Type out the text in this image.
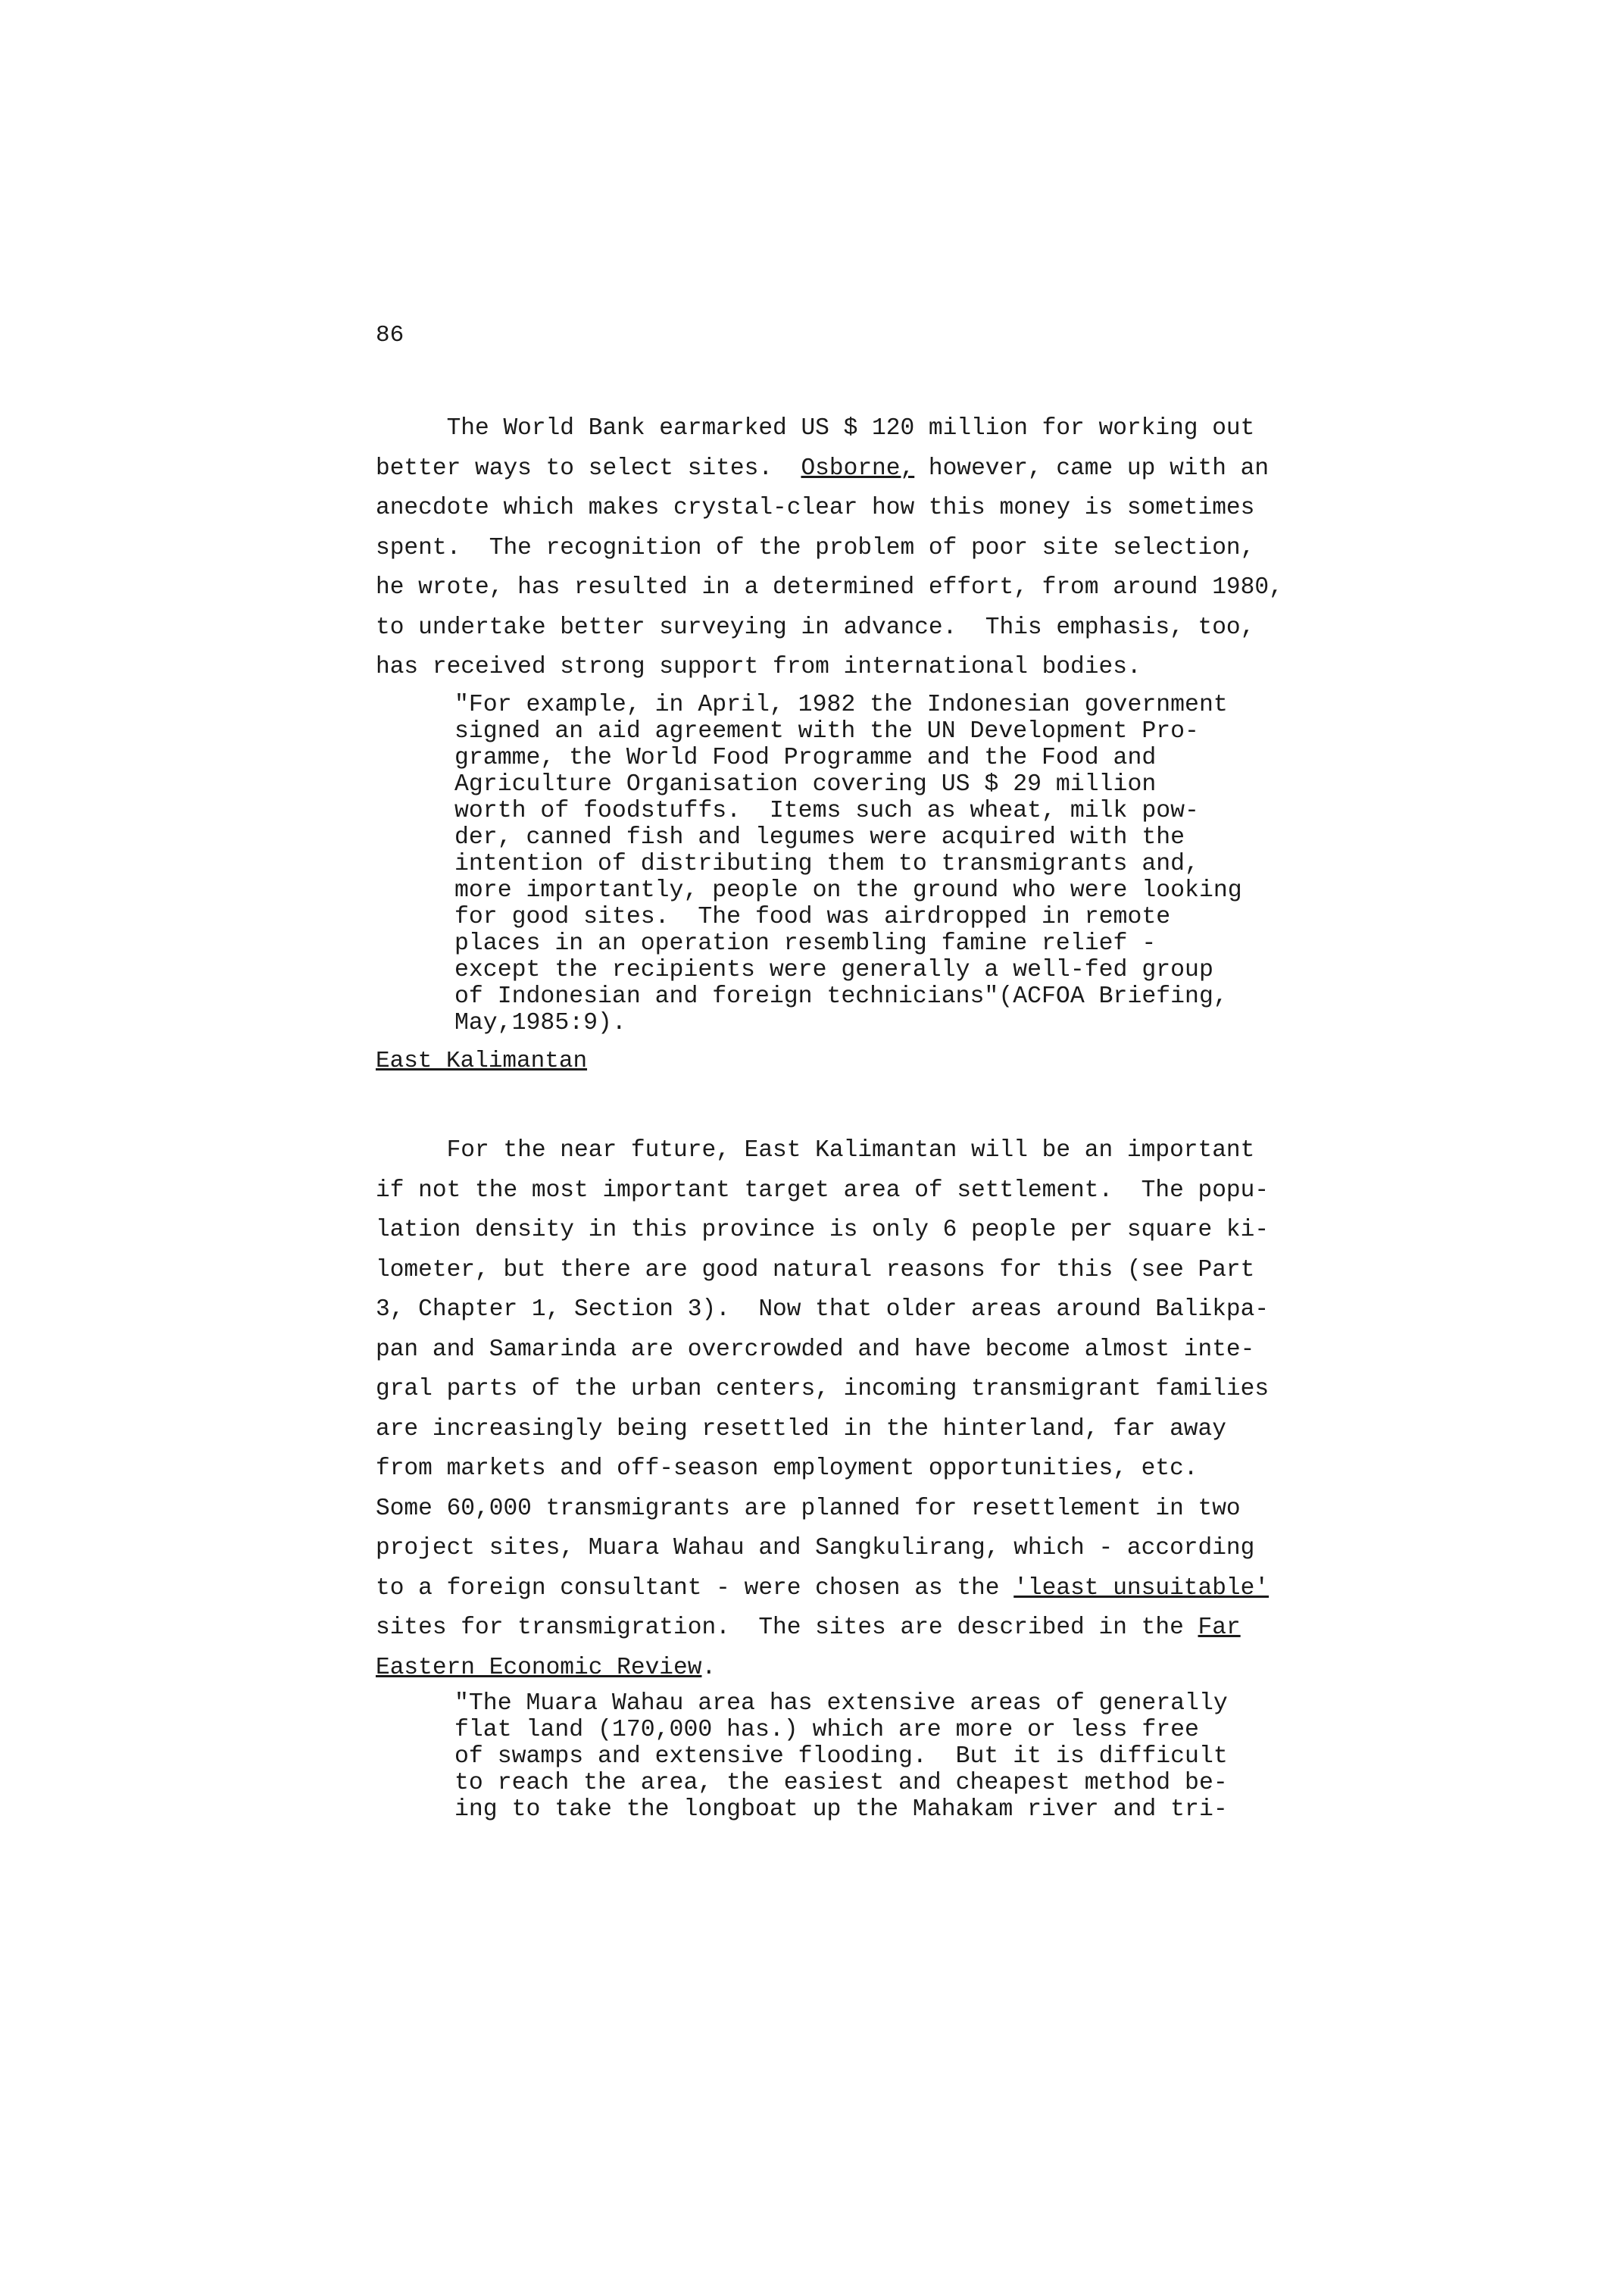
86
The World Bank earmarked US $ 120 million for working out
better ways to select sites.  Osborne, however, came up with an
anecdote which makes crystal-clear how this money is sometimes
spent.  The recognition of the problem of poor site selection,
he wrote, has resulted in a determined effort, from around 1980,
to undertake better surveying in advance.  This emphasis, too,
has received strong support from international bodies.
"For example, in April, 1982 the Indonesian government
signed an aid agreement with the UN Development Pro-
gramme, the World Food Programme and the Food and
Agriculture Organisation covering US $ 29 million
worth of foodstuffs.  Items such as wheat, milk pow-
der, canned fish and legumes were acquired with the
intention of distributing them to transmigrants and,
more importantly, people on the ground who were looking
for good sites.  The food was airdropped in remote
places in an operation resembling famine relief -
except the recipients were generally a well-fed group
of Indonesian and foreign technicians"(ACFOA Briefing,
May,1985:9).
East Kalimantan
For the near future, East Kalimantan will be an important
if not the most important target area of settlement.  The popu-
lation density in this province is only 6 people per square ki-
lometer, but there are good natural reasons for this (see Part
3, Chapter 1, Section 3).  Now that older areas around Balikpa-
pan and Samarinda are overcrowded and have become almost inte-
gral parts of the urban centers, incoming transmigrant families
are increasingly being resettled in the hinterland, far away
from markets and off-season employment opportunities, etc.
Some 60,000 transmigrants are planned for resettlement in two
project sites, Muara Wahau and Sangkulirang, which - according
to a foreign consultant - were chosen as the 'least unsuitable'
sites for transmigration.  The sites are described in the Far
Eastern Economic Review.
"The Muara Wahau area has extensive areas of generally
flat land (170,000 has.) which are more or less free
of swamps and extensive flooding.  But it is difficult
to reach the area, the easiest and cheapest method be-
ing to take the longboat up the Mahakam river and tri-
